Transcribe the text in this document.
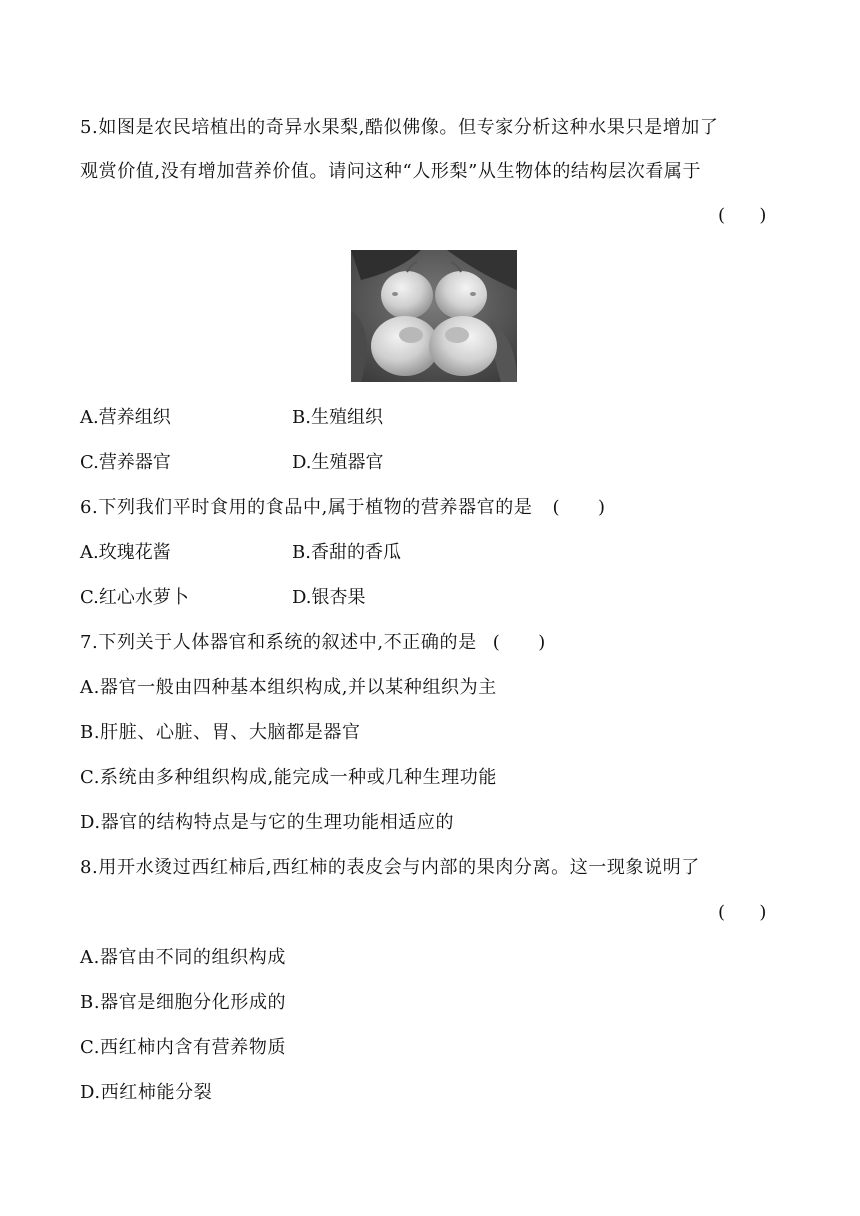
5.如图是农民培植出的奇异水果梨,酷似佛像。但专家分析这种水果只是增加了
观赏价值,没有增加营养价值。请问这种“人形梨”从生物体的结构层次看属于
(      )
A.营养组织	B.生殖组织
C.营养器官	D.生殖器官
6.下列我们平时食用的食品中,属于植物的营养器官的是 (      )
A.玫瑰花酱	B.香甜的香瓜
C.红心水萝卜	D.银杏果
7.下列关于人体器官和系统的叙述中,不正确的是 (      )
A.器官一般由四种基本组织构成,并以某种组织为主
B.肝脏、心脏、胃、大脑都是器官
C.系统由多种组织构成,能完成一种或几种生理功能
D.器官的结构特点是与它的生理功能相适应的
8.用开水烫过西红柿后,西红柿的表皮会与内部的果肉分离。这一现象说明了
(      )
A.器官由不同的组织构成
B.器官是细胞分化形成的
C.西红柿内含有营养物质
D.西红柿能分裂
